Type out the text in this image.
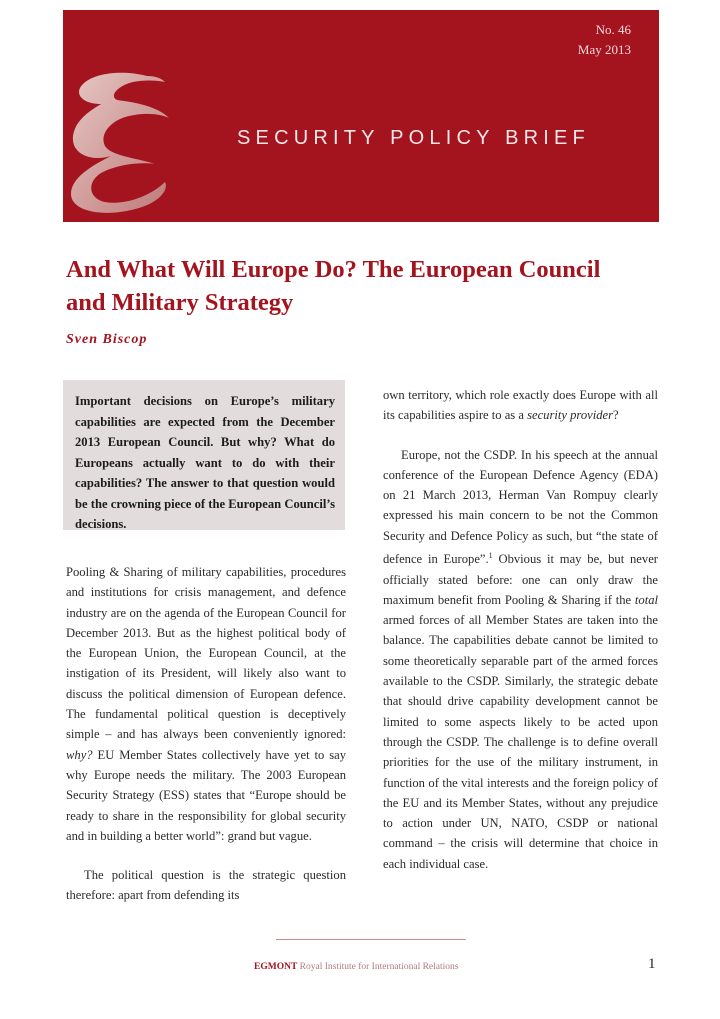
No. 46
May 2013
SECURITY POLICY BRIEF
And What Will Europe Do? The European Council and Military Strategy
Sven Biscop
Important decisions on Europe’s military capabilities are expected from the December 2013 European Council. But why? What do Europeans actually want to do with their capabilities? The answer to that question would be the crowning piece of the European Council’s decisions.

Pooling & Sharing of military capabilities, procedures and institutions for crisis management, and defence industry are on the agenda of the European Council for December 2013. But as the highest political body of the European Union, the European Council, at the instigation of its President, will likely also want to discuss the political dimension of European defence. The fundamental political question is deceptively simple – and has always been conveniently ignored: why? EU Member States collectively have yet to say why Europe needs the military. The 2003 European Security Strategy (ESS) states that “Europe should be ready to share in the responsibility for global security and in building a better world”: grand but vague.

The political question is the strategic question therefore: apart from defending its

own territory, which role exactly does Europe with all its capabilities aspire to as a security provider?

Europe, not the CSDP. In his speech at the annual conference of the European Defence Agency (EDA) on 21 March 2013, Herman Van Rompuy clearly expressed his main concern to be not the Common Security and Defence Policy as such, but “the state of defence in Europe”.$^1$ Obvious it may be, but never officially stated before: one can only draw the maximum benefit from Pooling & Sharing if the total armed forces of all Member States are taken into the balance. The capabilities debate cannot be limited to some theoretically separable part of the armed forces available to the CSDP. Similarly, the strategic debate that should drive capability development cannot be limited to some aspects likely to be acted upon through the CSDP. The challenge is to define overall priorities for the use of the military instrument, in function of the vital interests and the foreign policy of the EU and its Member States, without any prejudice to action under UN, NATO, CSDP or national command – the crisis will determine that choice in each individual case.

EGMONT Royal Institute for International Relations	1
